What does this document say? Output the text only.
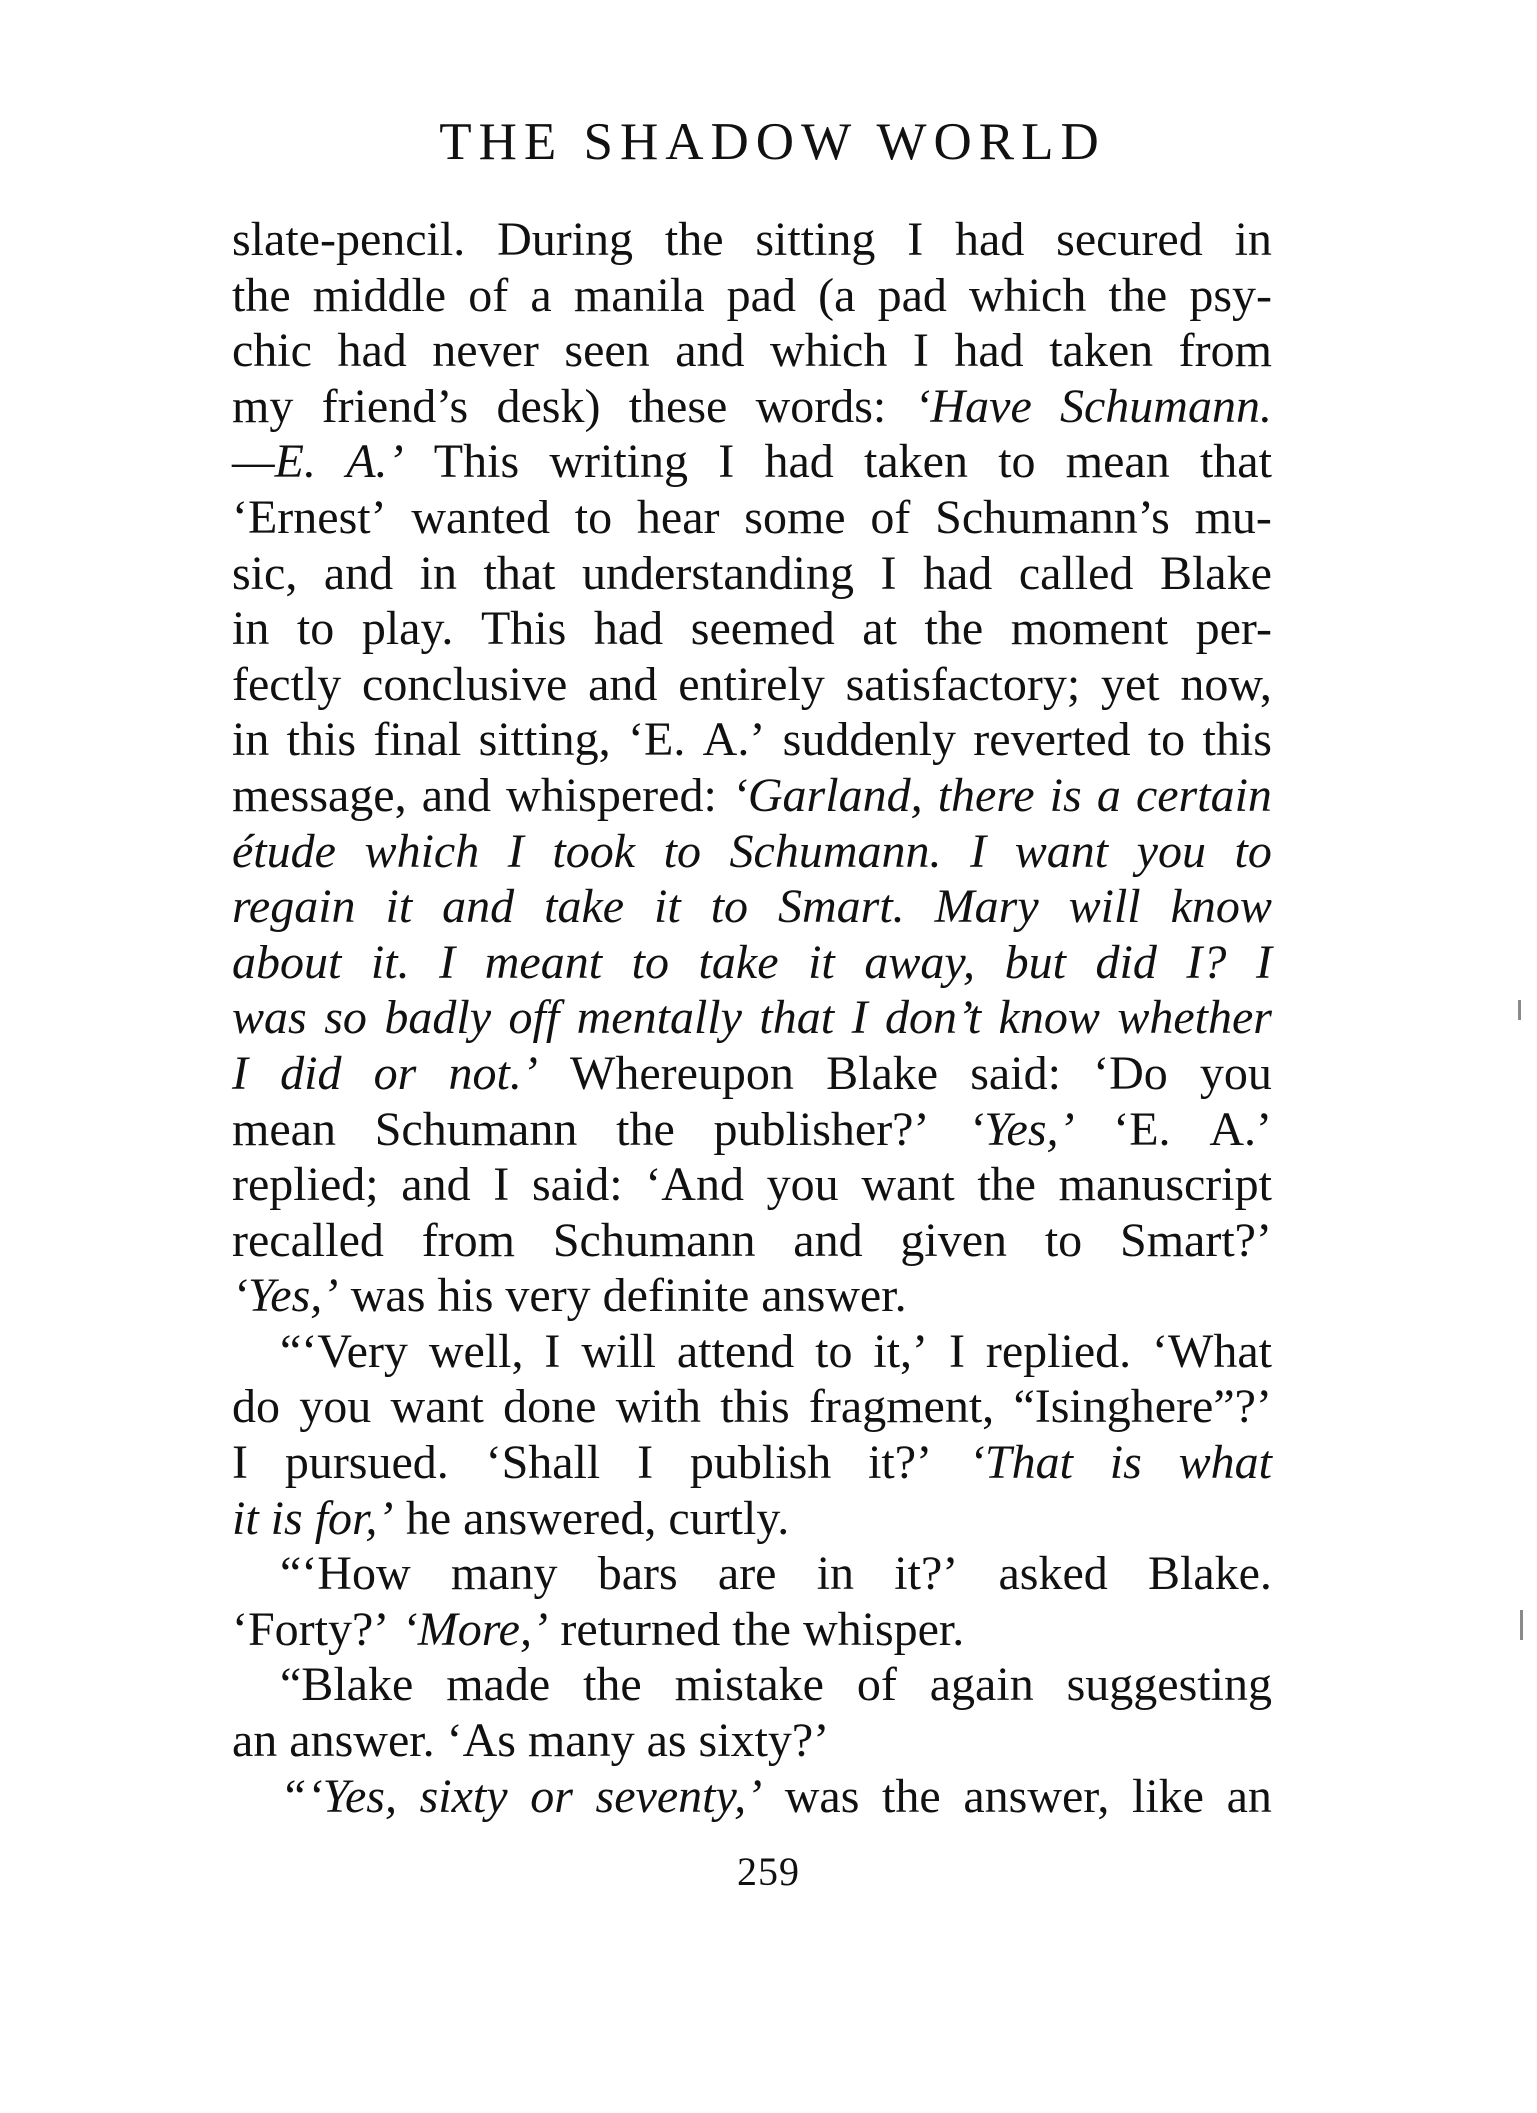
THE SHADOW WORLD
slate-pencil. During the sitting I had secured in
the middle of a manila pad (a pad which the psy-
chic had never seen and which I had taken from
my friend’s desk) these words: ‘Have Schumann.
—E. A.’ This writing I had taken to mean that
‘Ernest’ wanted to hear some of Schumann’s mu-
sic, and in that understanding I had called Blake
in to play. This had seemed at the moment per-
fectly conclusive and entirely satisfactory; yet now,
in this final sitting, ‘E. A.’ suddenly reverted to this
message, and whispered: ‘Garland, there is a certain
étude which I took to Schumann. I want you to
regain it and take it to Smart. Mary will know
about it. I meant to take it away, but did I? I
was so badly off mentally that I don’t know whether
I did or not.’ Whereupon Blake said: ‘Do you
mean Schumann the publisher?’ ‘Yes,’ ‘E. A.’
replied; and I said: ‘And you want the manuscript
recalled from Schumann and given to Smart?’
‘Yes,’ was his very definite answer.
“‘Very well, I will attend to it,’ I replied. ‘What
do you want done with this fragment, “Isinghere”?’
I pursued. ‘Shall I publish it?’ ‘That is what
it is for,’ he answered, curtly.
“‘How many bars are in it?’ asked Blake.
‘Forty?’ ‘More,’ returned the whisper.
“Blake made the mistake of again suggesting
an answer. ‘As many as sixty?’
“‘Yes, sixty or seventy,’ was the answer, like an
259
